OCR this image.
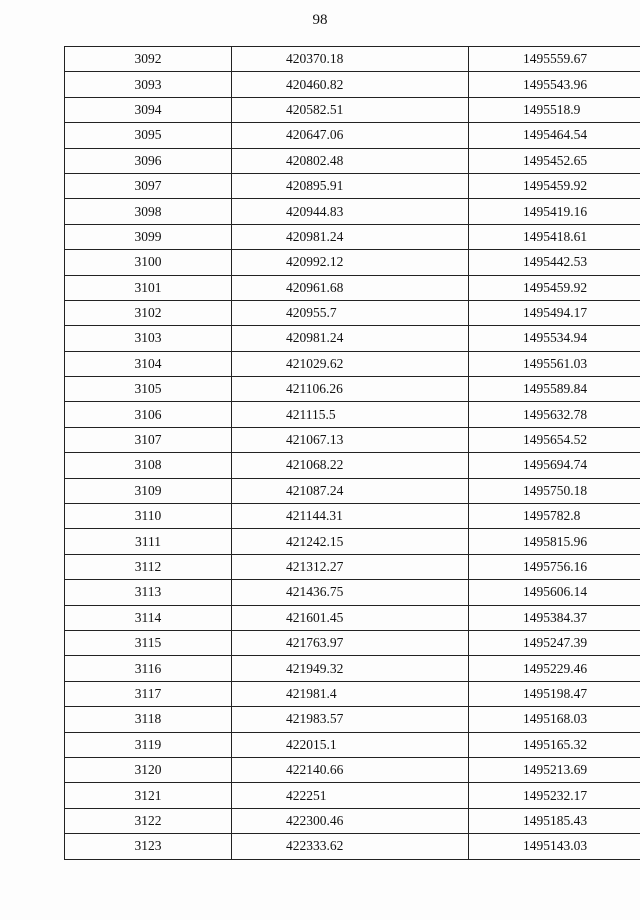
98
3092	420370.18	1495559.67
3093	420460.82	1495543.96
3094	420582.51	1495518.9
3095	420647.06	1495464.54
3096	420802.48	1495452.65
3097	420895.91	1495459.92
3098	420944.83	1495419.16
3099	420981.24	1495418.61
3100	420992.12	1495442.53
3101	420961.68	1495459.92
3102	420955.7	1495494.17
3103	420981.24	1495534.94
3104	421029.62	1495561.03
3105	421106.26	1495589.84
3106	421115.5	1495632.78
3107	421067.13	1495654.52
3108	421068.22	1495694.74
3109	421087.24	1495750.18
3110	421144.31	1495782.8
3111	421242.15	1495815.96
3112	421312.27	1495756.16
3113	421436.75	1495606.14
3114	421601.45	1495384.37
3115	421763.97	1495247.39
3116	421949.32	1495229.46
3117	421981.4	1495198.47
3118	421983.57	1495168.03
3119	422015.1	1495165.32
3120	422140.66	1495213.69
3121	422251	1495232.17
3122	422300.46	1495185.43
3123	422333.62	1495143.03
